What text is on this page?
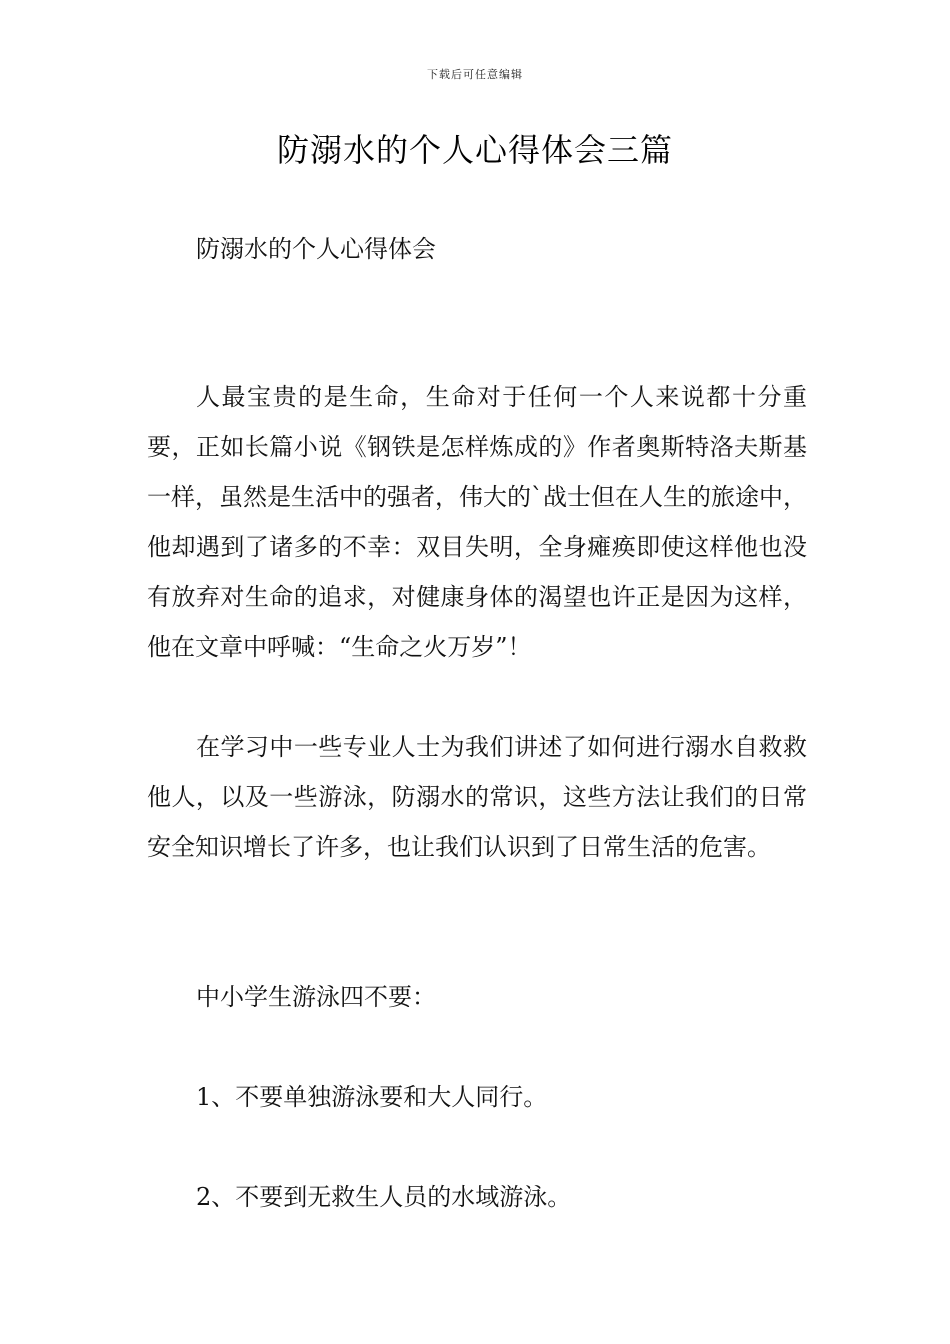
下载后可任意编辑
防溺水的个人心得体会三篇
防溺水的个人心得体会
人最宝贵的是生命，生命对于任何一个人来说都十分重要，正如长篇小说《钢铁是怎样炼成的》作者奥斯特洛夫斯基一样，虽然是生活中的强者，伟大的`战士但在人生的旅途中，他却遇到了诸多的不幸：双目失明，全身瘫痪即使这样他也没有放弃对生命的追求，对健康身体的渴望也许正是因为这样，他在文章中呼喊：“生命之火万岁”！
在学习中一些专业人士为我们讲述了如何进行溺水自救救他人，以及一些游泳，防溺水的常识，这些方法让我们的日常安全知识增长了许多，也让我们认识到了日常生活的危害。
中小学生游泳四不要：
1、不要单独游泳要和大人同行。
2、不要到无救生人员的水域游泳。
